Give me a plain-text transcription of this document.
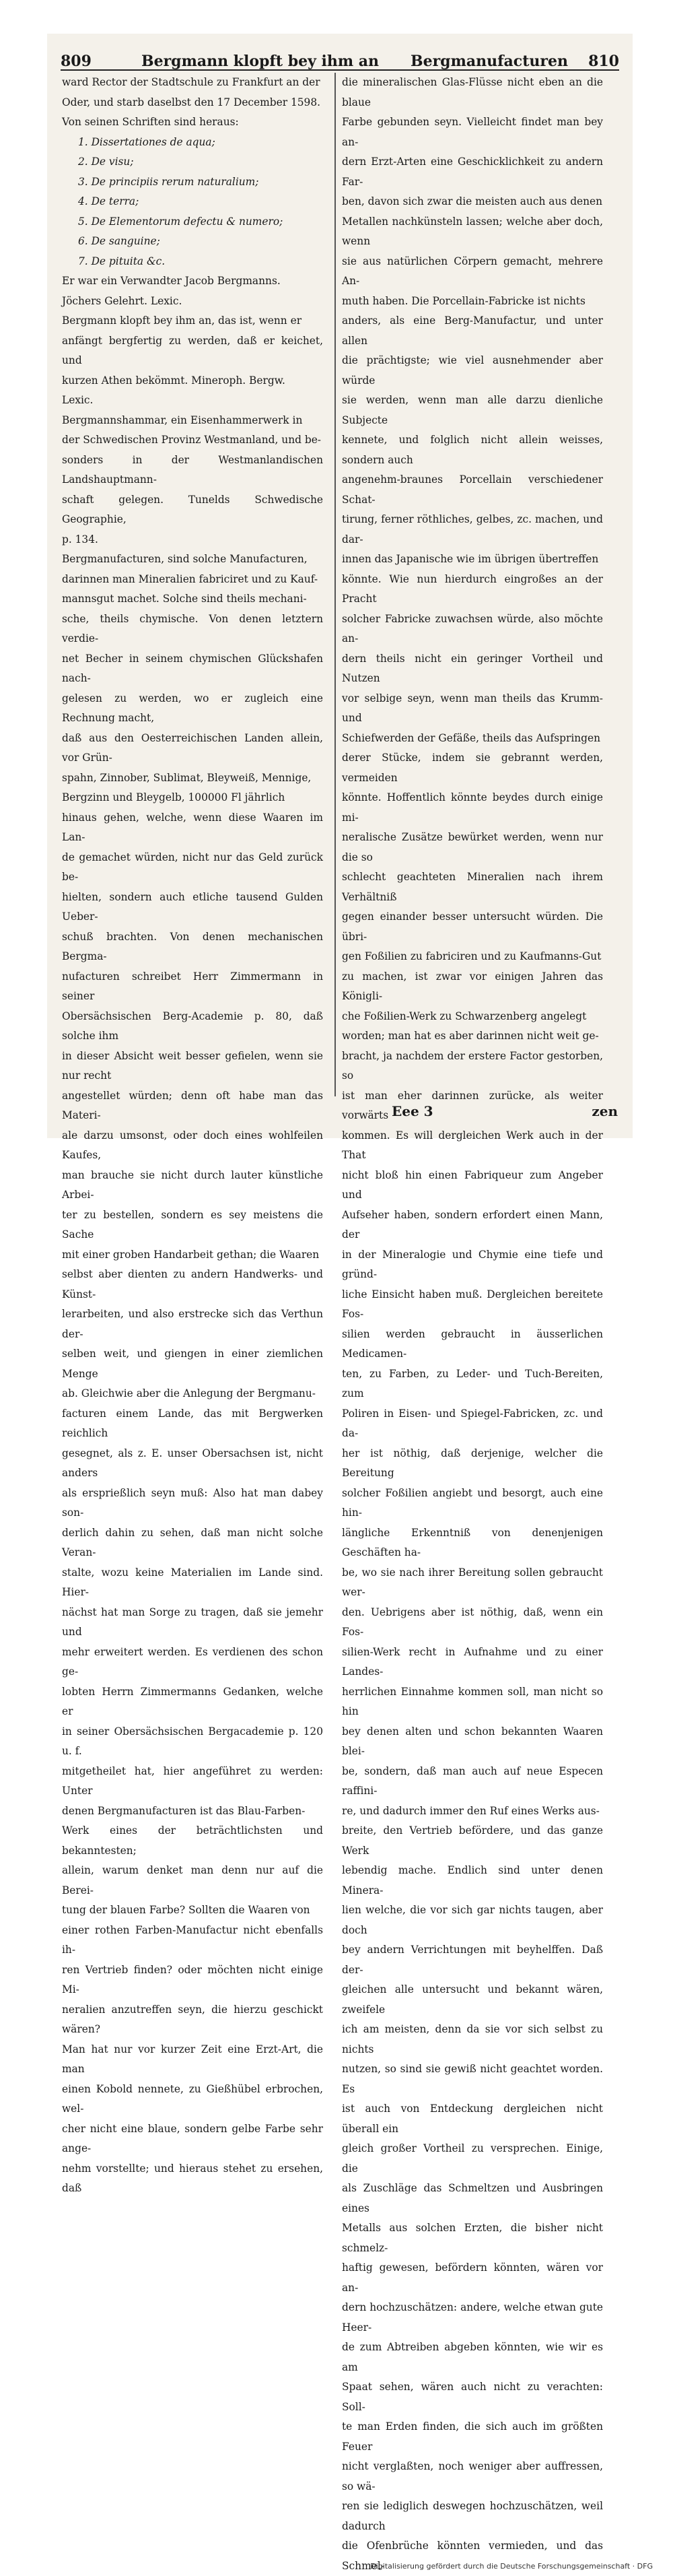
809	Bergmann klopft bey ihm an Bergmanufacturen 810

ward Rector der Stadtschule zu Frankfurt an der

Oder, und starb daselbst den 17 December 1598.

Von seinen Schriften sind heraus:

1. Dissertationes de aqua;

2. De visu;

3. De principiis rerum naturalium;

4. De terra;

5. De Elementorum defectu & numero;

6. De sanguine;

7. De pituita &c.

Er war ein Verwandter Jacob Bergmanns.

Jöchers Gelehrt. Lexic.

Bergmann klopft bey ihm an, das ist, wenn er

anfängt bergfertig zu werden, daß er keichet, und

kurzen Athen bekömmt. Mineroph. Bergw.

Lexic.

Bergmannshammar, ein Eisenhammerwerk in

der Schwedischen Provinz Westmanland, und be-

sonders in der Westmanlandischen Landshauptmann-

schaft gelegen. Tunelds Schwedische Geographie,

p. 134.

Bergmanufacturen, sind solche Manufacturen,

darinnen man Mineralien fabriciret und zu Kauf-

mannsgut machet. Solche sind theils mechani-

sche, theils chymische. Von denen letztern verdie-

net Becher in seinem chymischen Glückshafen nach-

gelesen zu werden, wo er zugleich eine Rechnung macht,

daß aus den Oesterreichischen Landen allein, vor Grün-

spahn, Zinnober, Sublimat, Bleyweiß, Mennige,

Bergzinn und Bleygelb, 100000 Fl jährlich

hinaus gehen, welche, wenn diese Waaren im Lan-

de gemachet würden, nicht nur das Geld zurück be-

hielten, sondern auch etliche tausend Gulden Ueber-

schuß brachten. Von denen mechanischen Bergma-

nufacturen schreibet Herr Zimmermann in seiner

Obersächsischen Berg-Academie p. 80, daß solche ihm

in dieser Absicht weit besser gefielen, wenn sie nur recht

angestellet würden; denn oft habe man das Materi-

ale darzu umsonst, oder doch eines wohlfeilen Kaufes,

man brauche sie nicht durch lauter künstliche Arbei-

ter zu bestellen, sondern es sey meistens die Sache

mit einer groben Handarbeit gethan; die Waaren

selbst aber dienten zu andern Handwerks- und Künst-

lerarbeiten, und also erstrecke sich das Verthun der-

selben weit, und giengen in einer ziemlichen Menge

ab. Gleichwie aber die Anlegung der Bergmanu-

facturen einem Lande, das mit Bergwerken reichlich

gesegnet, als z. E. unser Obersachsen ist, nicht anders

als ersprießlich seyn muß: Also hat man dabey son-

derlich dahin zu sehen, daß man nicht solche Veran-

stalte, wozu keine Materialien im Lande sind. Hier-

nächst hat man Sorge zu tragen, daß sie jemehr und

mehr erweitert werden. Es verdienen des schon ge-

lobten Herrn Zimmermanns Gedanken, welche er

in seiner Obersächsischen Bergacademie p. 120 u. f.

mitgetheilet hat, hier angeführet zu werden: Unter

denen Bergmanufacturen ist das Blau-Farben-

Werk eines der beträchtlichsten und bekanntesten;

allein, warum denket man denn nur auf die Berei-

tung der blauen Farbe? Sollten die Waaren von

einer rothen Farben-Manufactur nicht ebenfalls ih-

ren Vertrieb finden? oder möchten nicht einige Mi-

neralien anzutreffen seyn, die hierzu geschickt wären?

Man hat nur vor kurzer Zeit eine Erzt-Art, die man

einen Kobold nennete, zu Gießhübel erbrochen, wel-

cher nicht eine blaue, sondern gelbe Farbe sehr ange-

nehm vorstellte; und hieraus stehet zu ersehen, daß

die mineralischen Glas-Flüsse nicht eben an die blaue

Farbe gebunden seyn. Vielleicht findet man bey an-

dern Erzt-Arten eine Geschicklichkeit zu andern Far-

ben, davon sich zwar die meisten auch aus denen

Metallen nachkünsteln lassen; welche aber doch, wenn

sie aus natürlichen Cörpern gemacht, mehrere An-

muth haben. Die Porcellain-Fabricke ist nichts

anders, als eine Berg-Manufactur, und unter allen

die prächtigste; wie viel ausnehmender aber würde

sie werden, wenn man alle darzu dienliche Subjecte

kennete, und folglich nicht allein weisses, sondern auch

angenehm-braunes Porcellain verschiedener Schat-

tirung, ferner röthliches, gelbes, zc. machen, und dar-

innen das Japanische wie im übrigen übertreffen

könnte. Wie nun hierdurch eingroßes an der Pracht

solcher Fabricke zuwachsen würde, also möchte an-

dern theils nicht ein geringer Vortheil und Nutzen

vor selbige seyn, wenn man theils das Krumm- und

Schiefwerden der Gefäße, theils das Aufspringen

derer Stücke, indem sie gebrannt werden, vermeiden

könnte. Hoffentlich könnte beydes durch einige mi-

neralische Zusätze bewürket werden, wenn nur die so

schlecht geachteten Mineralien nach ihrem Verhältniß

gegen einander besser untersucht würden. Die übri-

gen Foßilien zu fabriciren und zu Kaufmanns-Gut

zu machen, ist zwar vor einigen Jahren das Königli-

che Foßilien-Werk zu Schwarzenberg angelegt

worden; man hat es aber darinnen nicht weit ge-

bracht, ja nachdem der erstere Factor gestorben, so

ist man eher darinnen zurücke, als weiter vorwärts

kommen. Es will dergleichen Werk auch in der That

nicht bloß hin einen Fabriqueur zum Angeber und

Aufseher haben, sondern erfordert einen Mann, der

in der Mineralogie und Chymie eine tiefe und gründ-

liche Einsicht haben muß. Dergleichen bereitete Fos-

silien werden gebraucht in äusserlichen Medicamen-

ten, zu Farben, zu Leder- und Tuch-Bereiten, zum

Poliren in Eisen- und Spiegel-Fabricken, zc. und da-

her ist nöthig, daß derjenige, welcher die Bereitung

solcher Foßilien angiebt und besorgt, auch eine hin-

längliche Erkenntniß von denenjenigen Geschäften ha-

be, wo sie nach ihrer Bereitung sollen gebraucht wer-

den. Uebrigens aber ist nöthig, daß, wenn ein Fos-

silien-Werk recht in Aufnahme und zu einer Landes-

herrlichen Einnahme kommen soll, man nicht so hin

bey denen alten und schon bekannten Waaren blei-

be, sondern, daß man auch auf neue Especen raffini-

re, und dadurch immer den Ruf eines Werks aus-

breite, den Vertrieb befördere, und das ganze Werk

lebendig mache. Endlich sind unter denen Minera-

lien welche, die vor sich gar nichts taugen, aber doch

bey andern Verrichtungen mit beyhelffen. Daß der-

gleichen alle untersucht und bekannt wären, zweifele

ich am meisten, denn da sie vor sich selbst zu nichts

nutzen, so sind sie gewiß nicht geachtet worden. Es

ist auch von Entdeckung dergleichen nicht überall ein

gleich großer Vortheil zu versprechen. Einige, die

als Zuschläge das Schmeltzen und Ausbringen eines

Metalls aus solchen Erzten, die bisher nicht schmelz-

haftig gewesen, befördern könnten, wären vor an-

dern hochzuschätzen: andere, welche etwan gute Heer-

de zum Abtreiben abgeben könnten, wie wir es am

Spaat sehen, wären auch nicht zu verachten: Soll-

te man Erden finden, die sich auch im größten Feuer

nicht verglaßten, noch weniger aber auffressen, so wä-

ren sie lediglich deswegen hochzuschätzen, weil dadurch

die Ofenbrüche könnten vermieden, und das Schmel-

Eee 3	zen
Digitalisierung gefördert durch die Deutsche Forschungsgemeinschaft · DFG
